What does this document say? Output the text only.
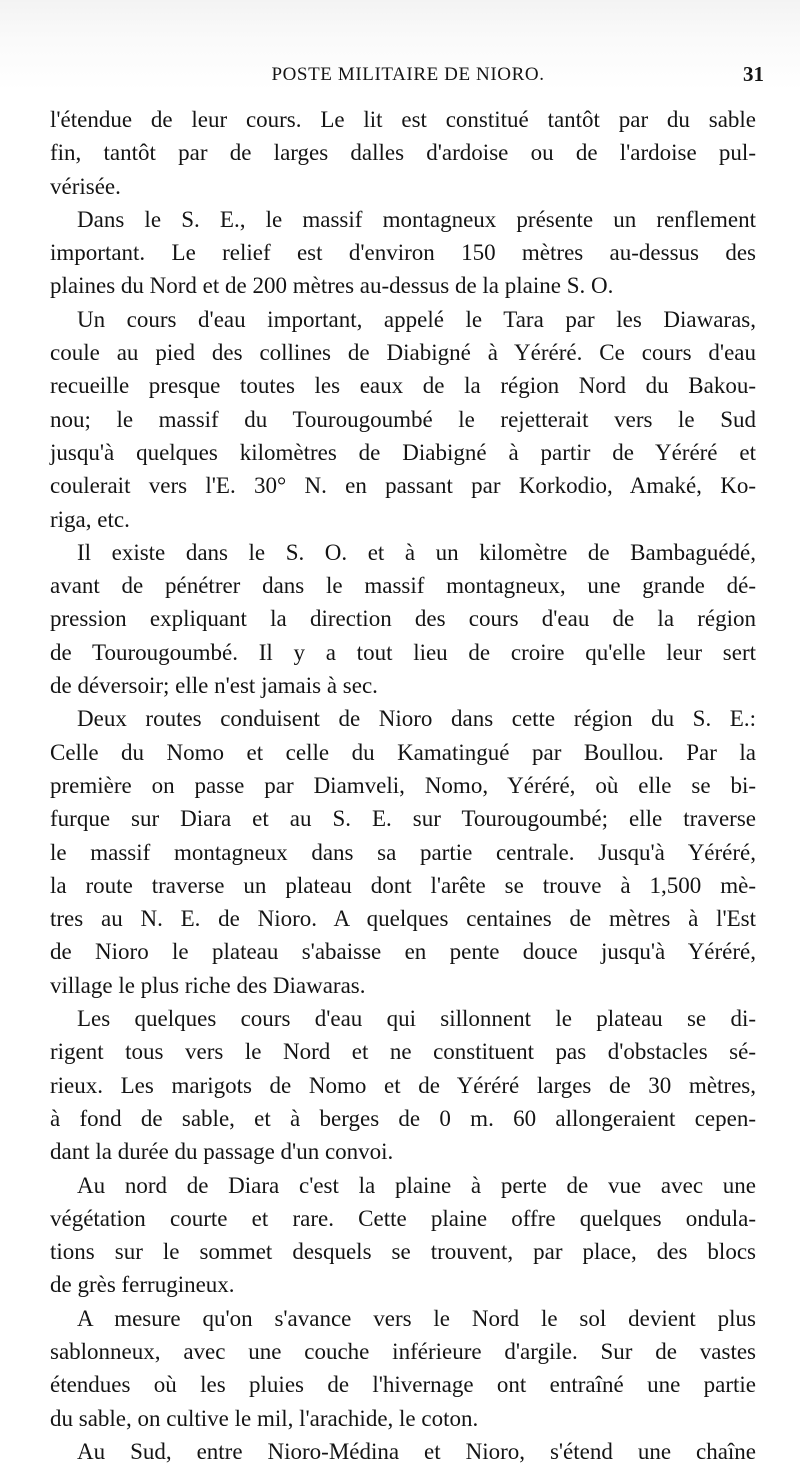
POSTE MILITAIRE DE NIORO.	31
l'étendue de leur cours. Le lit est constitué tantôt par du sable
fin, tantôt par de larges dalles d'ardoise ou de l'ardoise pul-
vérisée.
Dans le S. E., le massif montagneux présente un renflement
important. Le relief est d'environ 150 mètres au-dessus des
plaines du Nord et de 200 mètres au-dessus de la plaine S. O.
Un cours d'eau important, appelé le Tara par les Diawaras,
coule au pied des collines de Diabigné à Yéréré. Ce cours d'eau
recueille presque toutes les eaux de la région Nord du Bakou-
nou; le massif du Tourougoumbé le rejetterait vers le Sud
jusqu'à quelques kilomètres de Diabigné à partir de Yéréré et
coulerait vers l'E. 30° N. en passant par Korkodio, Amaké, Ko-
riga, etc.
Il existe dans le S. O. et à un kilomètre de Bambaguédé,
avant de pénétrer dans le massif montagneux, une grande dé-
pression expliquant la direction des cours d'eau de la région
de Tourougoumbé. Il y a tout lieu de croire qu'elle leur sert
de déversoir; elle n'est jamais à sec.
Deux routes conduisent de Nioro dans cette région du S. E.:
Celle du Nomo et celle du Kamatingué par Boullou. Par la
première on passe par Diamveli, Nomo, Yéréré, où elle se bi-
furque sur Diara et au S. E. sur Tourougoumbé; elle traverse
le massif montagneux dans sa partie centrale. Jusqu'à Yéréré,
la route traverse un plateau dont l'arête se trouve à 1,500 mè-
tres au N. E. de Nioro. A quelques centaines de mètres à l'Est
de Nioro le plateau s'abaisse en pente douce jusqu'à Yéréré,
village le plus riche des Diawaras.
Les quelques cours d'eau qui sillonnent le plateau se di-
rigent tous vers le Nord et ne constituent pas d'obstacles sé-
rieux. Les marigots de Nomo et de Yéréré larges de 30 mètres,
à fond de sable, et à berges de 0 m. 60 allongeraient cepen-
dant la durée du passage d'un convoi.
Au nord de Diara c'est la plaine à perte de vue avec une
végétation courte et rare. Cette plaine offre quelques ondula-
tions sur le sommet desquels se trouvent, par place, des blocs
de grès ferrugineux.
A mesure qu'on s'avance vers le Nord le sol devient plus
sablonneux, avec une couche inférieure d'argile. Sur de vastes
étendues où les pluies de l'hivernage ont entraîné une partie
du sable, on cultive le mil, l'arachide, le coton.
Au Sud, entre Nioro-Médina et Nioro, s'étend une chaîne
